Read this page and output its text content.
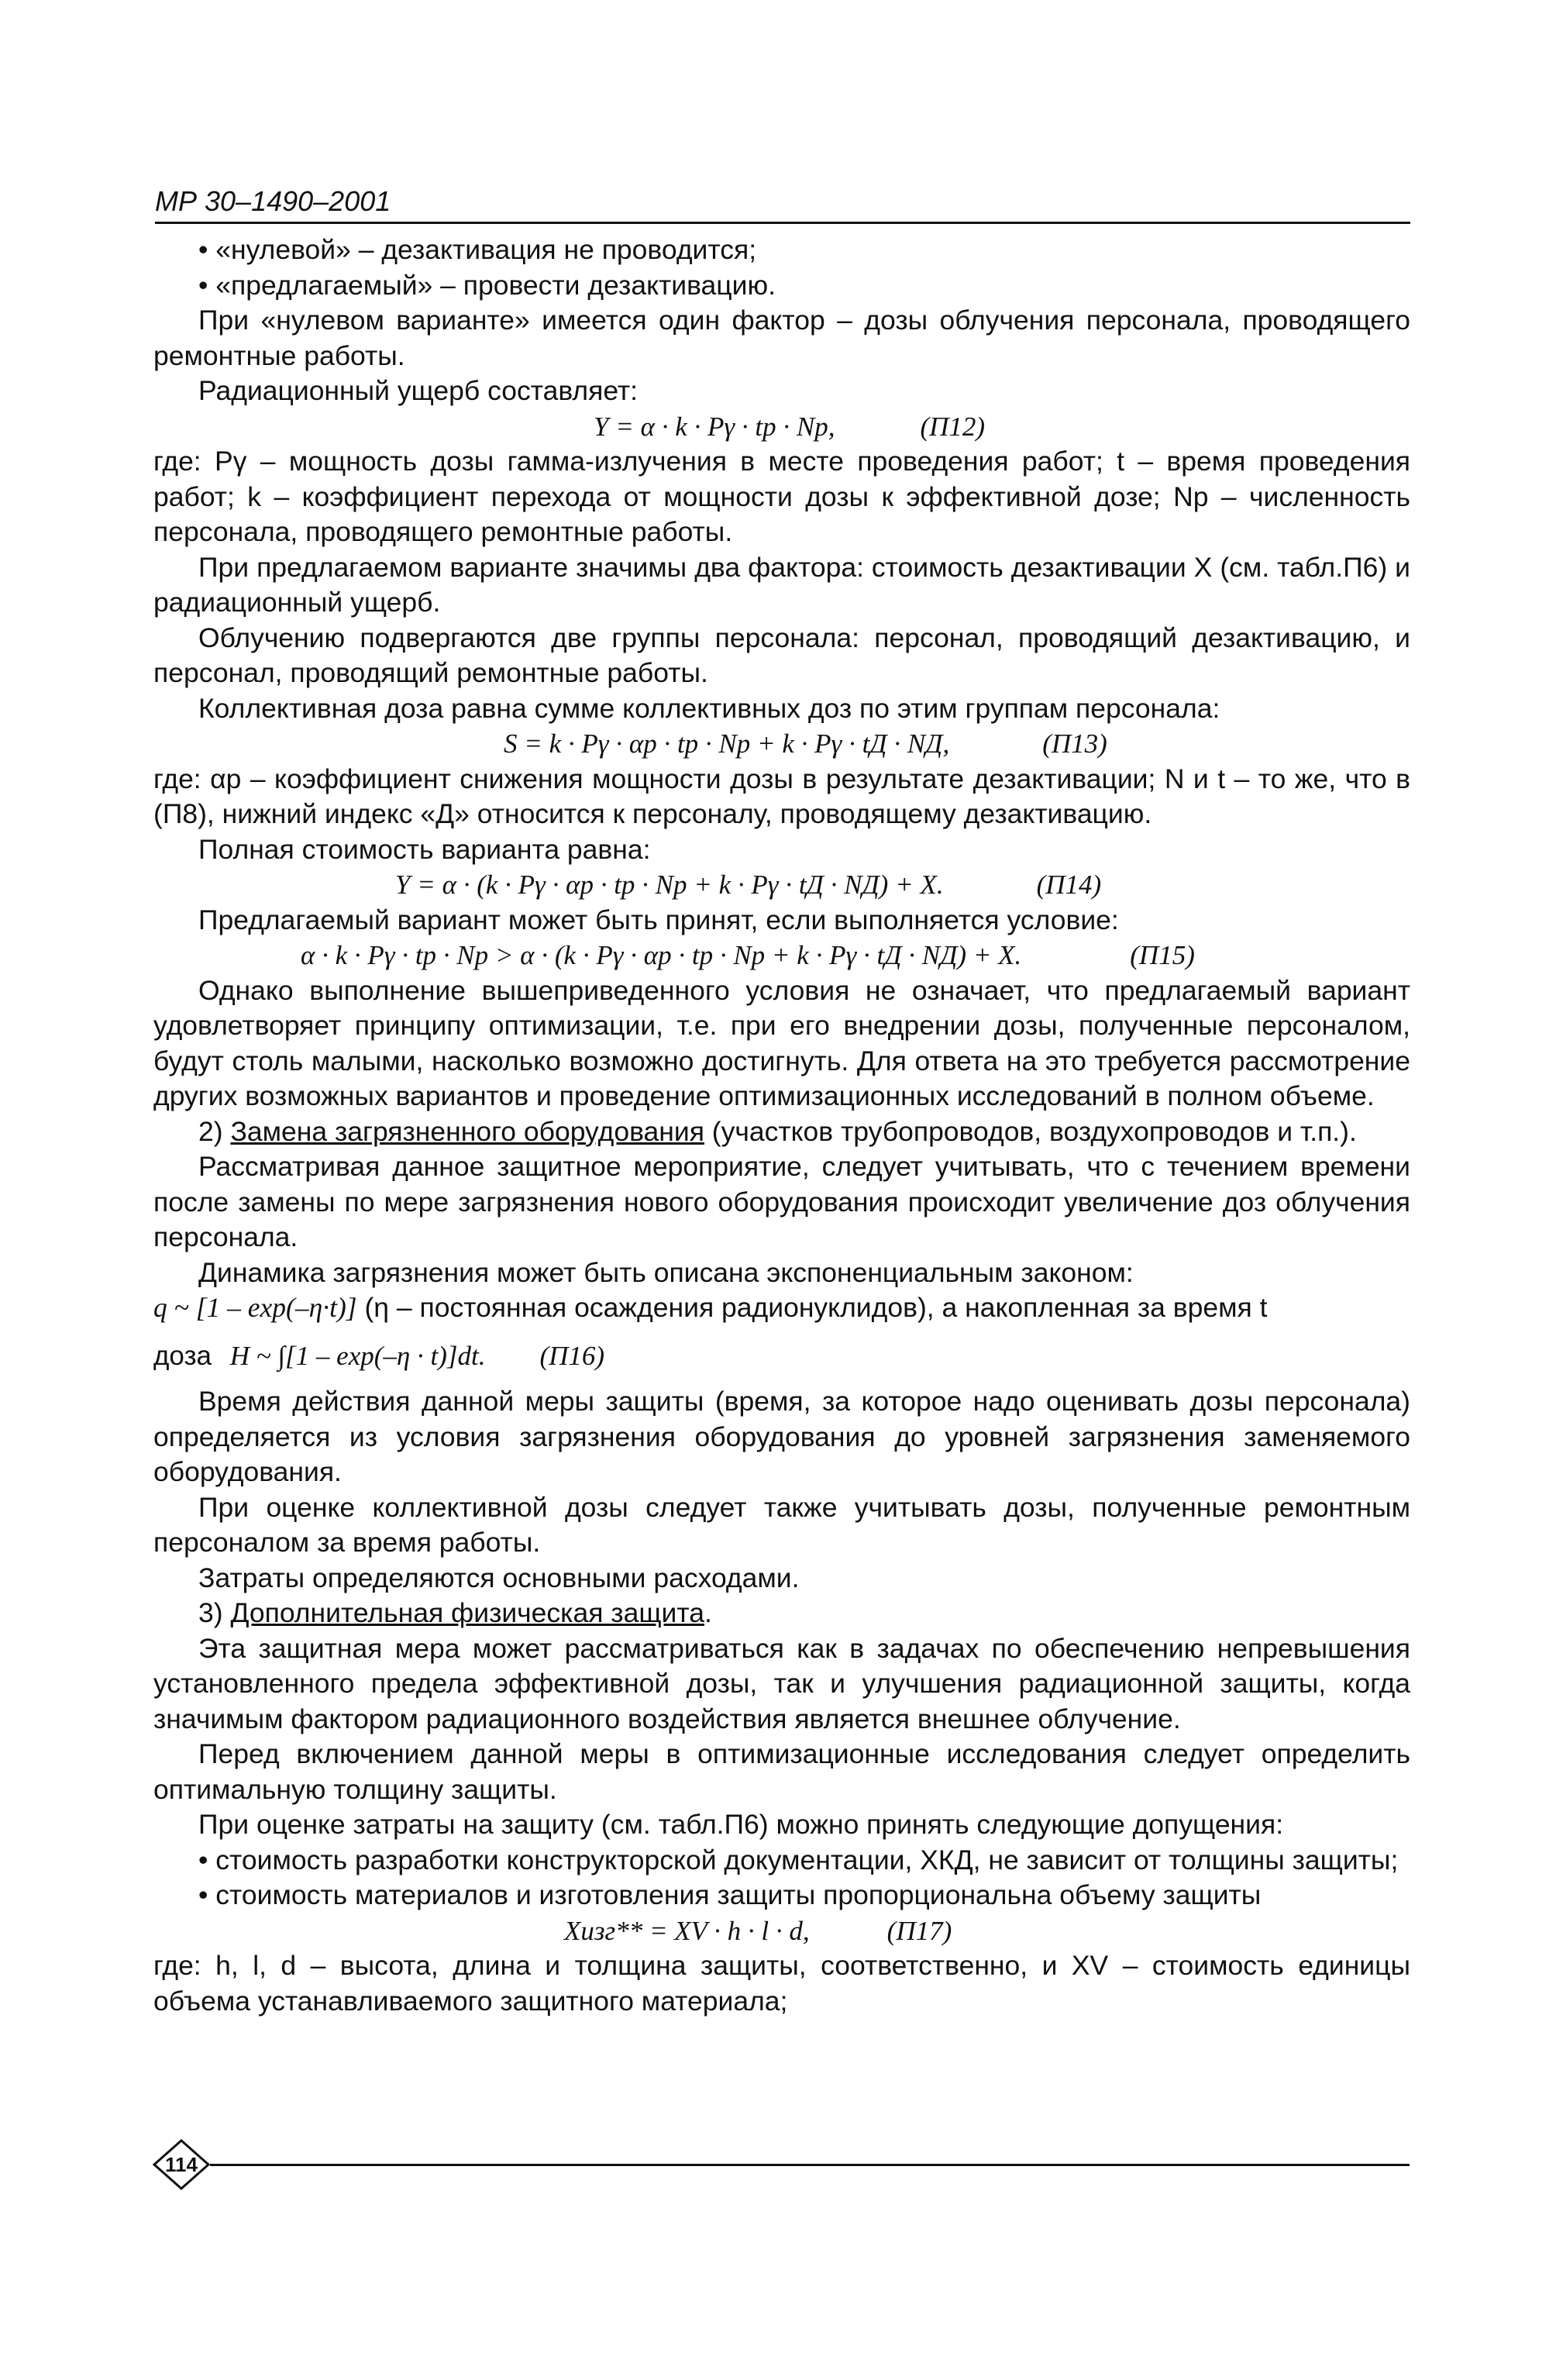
МР 30–1490–2001

• «нулевой» – дезактивация не проводится;

• «предлагаемый» – провести дезактивацию.

При «нулевом варианте» имеется один фактор – дозы облучения персонала, проводящего ремонтные работы.

Радиационный ущерб составляет:

Y = α · k · Pγ · tp · Np,	(П12)

где: Pγ – мощность дозы гамма-излучения в месте проведения работ; t – время проведения работ; k – коэффициент перехода от мощности дозы к эффективной дозе; Np – численность персонала, проводящего ремонтные работы.

При предлагаемом варианте значимы два фактора: стоимость дезактивации X (см. табл.П6) и радиационный ущерб.

Облучению подвергаются две группы персонала: персонал, проводящий дезактивацию, и персонал, проводящий ремонтные работы.

Коллективная доза равна сумме коллективных доз по этим группам персонала:

S = k · Pγ · αp · tp · Np + k · Pγ · tД · NД,	(П13)

где: αp – коэффициент снижения мощности дозы в результате дезактивации; N и t – то же, что в (П8), нижний индекс «Д» относится к персоналу, проводящему дезактивацию.

Полная стоимость варианта равна:

Y = α · (k · Pγ · αp · tp · Np + k · Pγ · tД · NД) + X.	(П14)

Предлагаемый вариант может быть принят, если выполняется условие:

α · k · Pγ · tp · Np > α · (k · Pγ · αp · tp · Np + k · Pγ · tД · NД) + X.	(П15)

Однако выполнение вышеприведенного условия не означает, что предлагаемый вариант удовлетворяет принципу оптимизации, т.е. при его внедрении дозы, полученные персоналом, будут столь малыми, насколько возможно достигнуть. Для ответа на это требуется рассмотрение других возможных вариантов и проведение оптимизационных исследований в полном объеме.

2) Замена загрязненного оборудования (участков трубопроводов, воздухопроводов и т.п.).

Рассматривая данное защитное мероприятие, следует учитывать, что с течением времени после замены по мере загрязнения нового оборудования происходит увеличение доз облучения персонала.

Динамика загрязнения может быть описана экспоненциальным законом:

q ~ [1 – exp(–η·t)] (η – постоянная осаждения радионуклидов), а накопленная за время t

доза H ~ ∫[1 – exp(–η · t)]dt. (П16)

Время действия данной меры защиты (время, за которое надо оценивать дозы персонала) определяется из условия загрязнения оборудования до уровней загрязнения заменяемого оборудования.

При оценке коллективной дозы следует также учитывать дозы, полученные ремонтным персоналом за время работы.

Затраты определяются основными расходами.

3) Дополнительная физическая защита.

Эта защитная мера может рассматриваться как в задачах по обеспечению непревышения установленного предела эффективной дозы, так и улучшения радиационной защиты, когда значимым фактором радиационного воздействия является внешнее облучение.

Перед включением данной меры в оптимизационные исследования следует определить оптимальную толщину защиты.

При оценке затраты на защиту (см. табл.П6) можно принять следующие допущения:

• стоимость разработки конструкторской документации, XКД, не зависит от толщины защиты;

• стоимость материалов и изготовления защиты пропорциональна объему защиты

Xизг** = XV · h · l · d,	(П17)

где: h, l, d – высота, длина и толщина защиты, соответственно, и XV – стоимость единицы объема устанавливаемого защитного материала;

114
